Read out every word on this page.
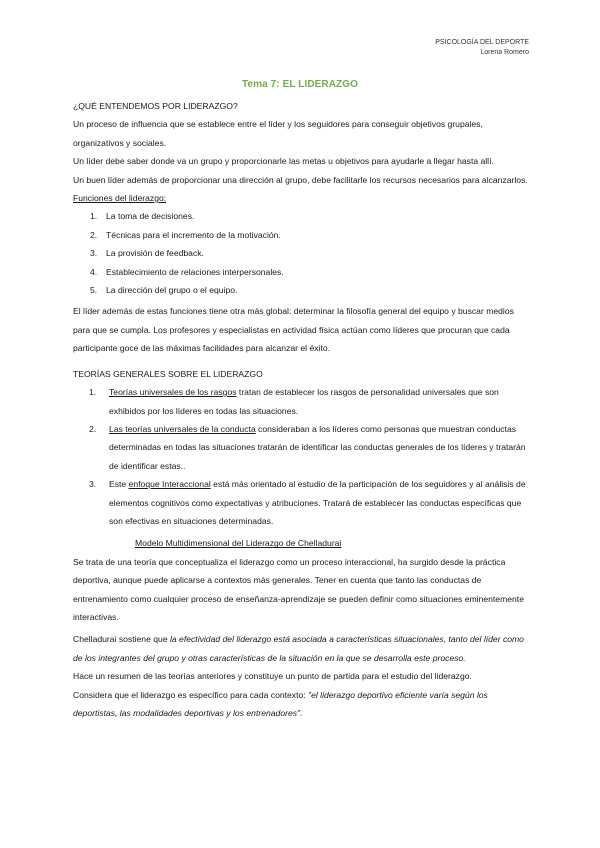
PSICOLOGÍA DEL DEPORTE
Lorena Romero
Tema 7: EL LIDERAZGO

¿QUÉ ENTENDEMOS POR LIDERAZGO?

Un proceso de influencia que se establece entre el líder y los seguidores para conseguir objetivos grupales, organizativos y sociales.

Un líder debe saber donde va un grupo y proporcionarle las metas u objetivos para ayudarle a llegar hasta allí.

Un buen líder además de proporcionar una dirección al grupo, debe facilitarle los recursos necesarios para alcanzarlos.

Funciones del liderazgo:

1. La toma de decisiones.
2. Técnicas para el incremento de la motivación.
3. La provisión de feedback.
4. Establecimiento de relaciones interpersonales.
5. La dirección del grupo o el equipo.

El líder además de estas funciones tiene otra más global: determinar la filosofía general del equipo y buscar medios para que se cumpla. Los profesores y especialistas en actividad física actúan como líderes que procuran que cada participante goce de las máximas facilidades para alcanzar el éxito.

TEORÍAS GENERALES SOBRE EL LIDERAZGO

1. Teorías universales de los rasgos tratan de establecer los rasgos de personalidad universales que son exhibidos por los líderes en todas las situaciones.
2. Las teorías universales de la conducta consideraban a los líderes como personas que muestran conductas determinadas en todas las situaciones tratarán de identificar las conductas generales de los líderes y tratarán de identificar estas..
3. Este enfoque Interaccional está más orientado al estudio de la participación de los seguidores y al análisis de elementos cognitivos como expectativas y atribuciones. Tratará de establecer las conductas específicas que son efectivas en situaciones determinadas.

Modelo Multidimensional del Liderazgo de Chelladurai

Se trata de una teoría que conceptualiza el liderazgo como un proceso interaccional, ha surgido desde la práctica deportiva, aunque puede aplicarse a contextos más generales. Tener en cuenta que tanto las conductas de entrenamiento como cualquier proceso de enseñanza-aprendizaje se pueden definir como situaciones eminentemente interactivas.

Chelladurai sostiene que la efectividad del liderazgo está asociada a características situacionales, tanto del líder como de los integrantes del grupo y otras características de la situación en la que se desarrolla este proceso.

Hace un resumen de las teorías anteriores y constituye un punto de partida para el estudio del liderazgo.

Considera que el liderazgo es específico para cada contexto: "el liderazgo deportivo eficiente varía según los deportistas, las modalidades deportivas y los entrenadores".
